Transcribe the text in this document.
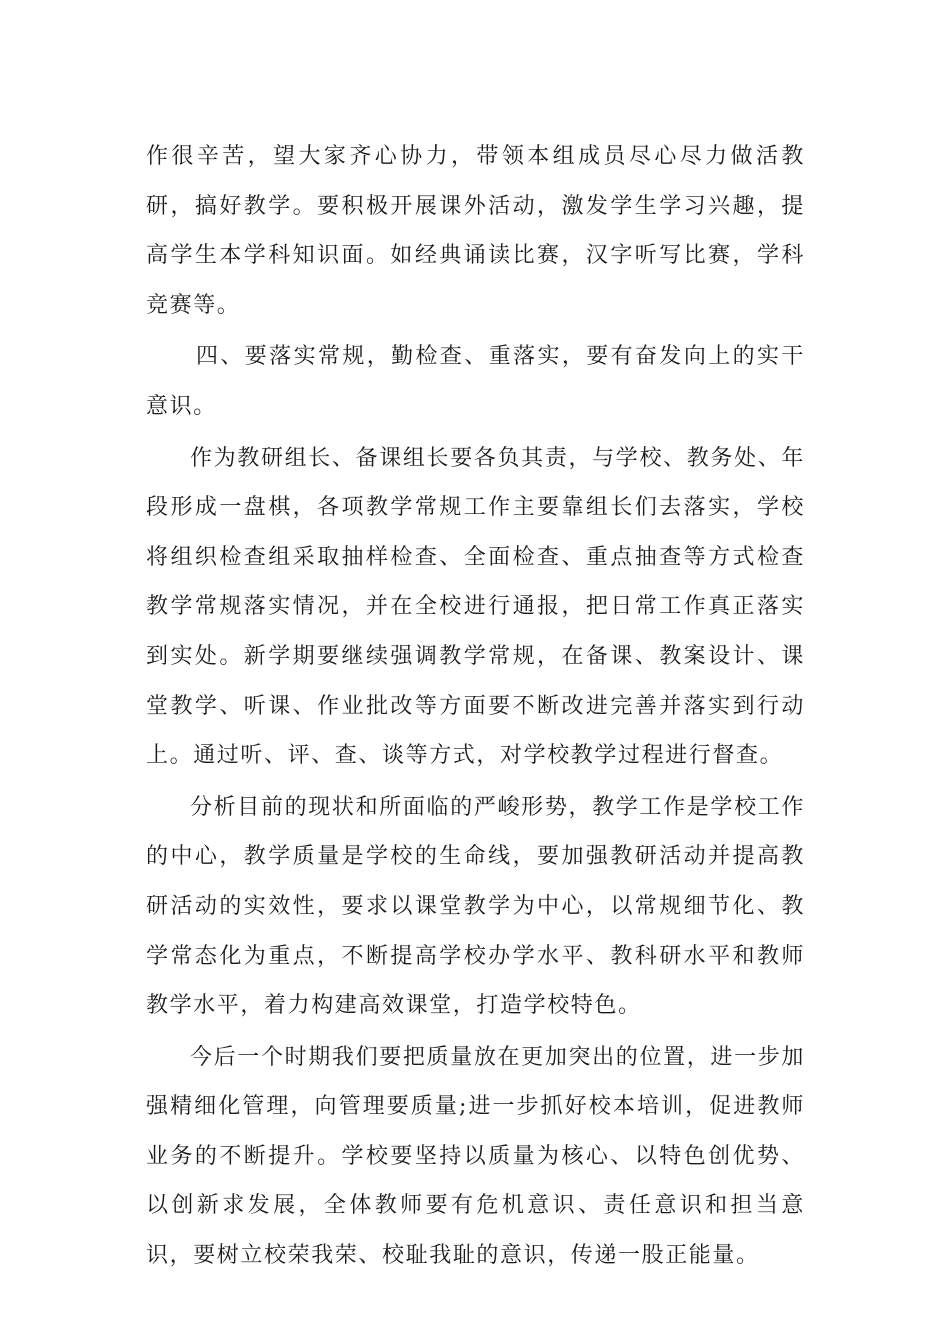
作很辛苦，望大家齐心协力，带领本组成员尽心尽力做活教研，搞好教学。要积极开展课外活动，激发学生学习兴趣，提高学生本学科知识面。如经典诵读比赛，汉字听写比赛，学科竞赛等。

四、要落实常规，勤检查、重落实，要有奋发向上的实干意识。

作为教研组长、备课组长要各负其责，与学校、教务处、年段形成一盘棋，各项教学常规工作主要靠组长们去落实，学校将组织检查组采取抽样检查、全面检查、重点抽查等方式检查教学常规落实情况，并在全校进行通报，把日常工作真正落实到实处。新学期要继续强调教学常规，在备课、教案设计、课堂教学、听课、作业批改等方面要不断改进完善并落实到行动上。通过听、评、查、谈等方式，对学校教学过程进行督查。

分析目前的现状和所面临的严峻形势，教学工作是学校工作的中心，教学质量是学校的生命线，要加强教研活动并提高教研活动的实效性，要求以课堂教学为中心，以常规细节化、教学常态化为重点，不断提高学校办学水平、教科研水平和教师教学水平，着力构建高效课堂，打造学校特色。

今后一个时期我们要把质量放在更加突出的位置，进一步加强精细化管理，向管理要质量;进一步抓好校本培训，促进教师业务的不断提升。学校要坚持以质量为核心、以特色创优势、以创新求发展，全体教师要有危机意识、责任意识和担当意识，要树立校荣我荣、校耻我耻的意识，传递一股正能量。
